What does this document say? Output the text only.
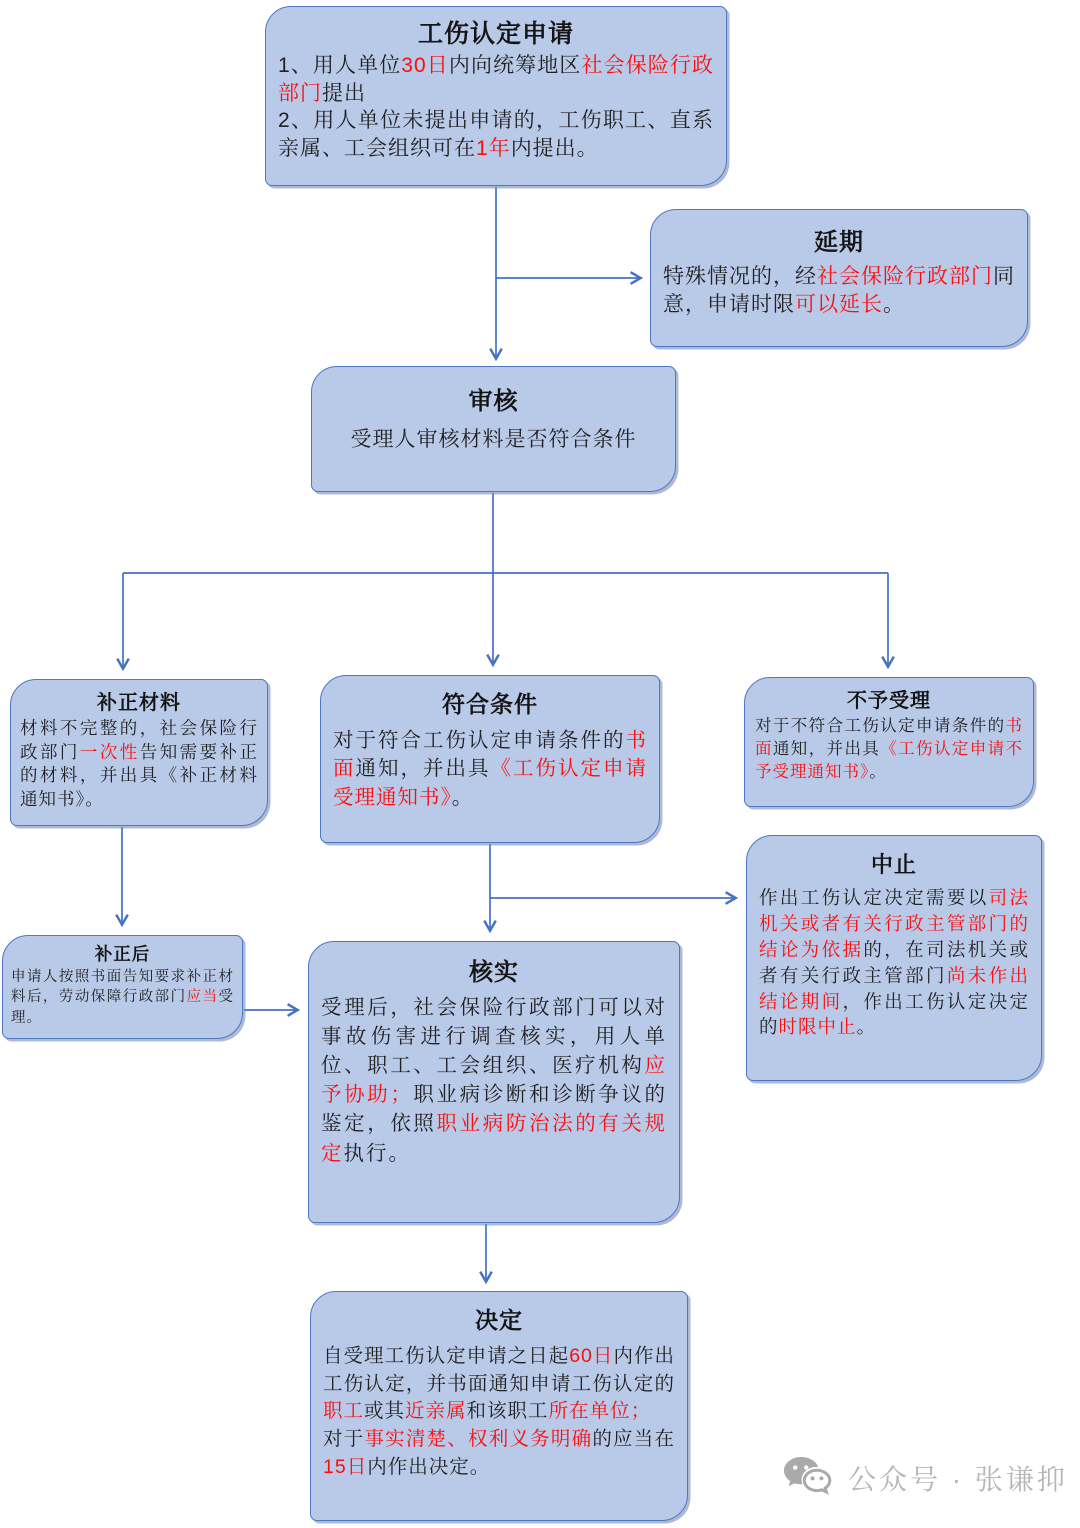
工伤认定申请
1、用人单位30日内向统筹地区社会保险行政部门提出
2、用人单位未提出申请的，工伤职工、直系亲属、工会组织可在1年内提出。
延期
特殊情况的，经社会保险行政部门同意，申请时限可以延长。
审核
受理人审核材料是否符合条件
补正材料
材料不完整的，社会保险行政部门一次性告知需要补正的材料，并出具《补正材料通知书》。
符合条件
对于符合工伤认定申请条件的书面通知，并出具《工伤认定申请受理通知书》。
不予受理
对于不符合工伤认定申请条件的书面通知，并出具《工伤认定申请不予受理通知书》。
中止
作出工伤认定决定需要以司法机关或者有关行政主管部门的结论为依据的，在司法机关或者有关行政主管部门尚未作出结论期间，作出工伤认定决定的时限中止。
补正后
申请人按照书面告知要求补正材料后，劳动保障行政部门应当受理。
核实
受理后，社会保险行政部门可以对事故伤害进行调查核实，用人单位、职工、工会组织、医疗机构应予协助；职业病诊断和诊断争议的鉴定，依照职业病防治法的有关规定执行。
决定
自受理工伤认定申请之日起60日内作出工伤认定，并书面通知申请工伤认定的职工或其近亲属和该职工所在单位；
对于事实清楚、权利义务明确的应当在15日内作出决定。	公众号 · 张谦抑
